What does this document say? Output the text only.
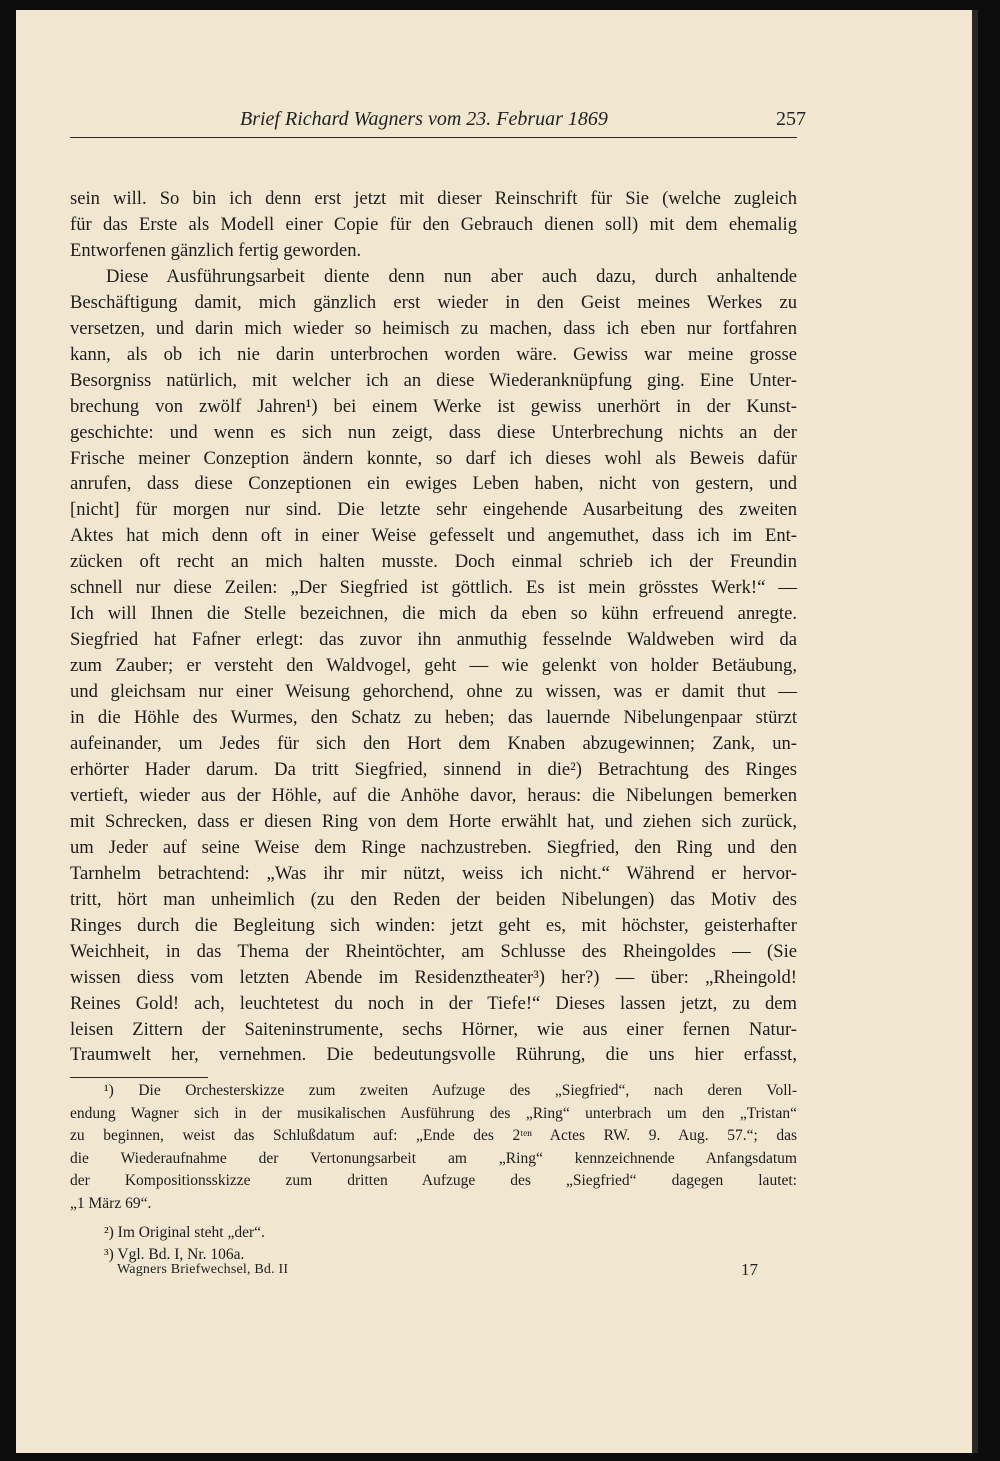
Brief Richard Wagners vom 23. Februar 1869	257
sein will. So bin ich denn erst jetzt mit dieser Reinschrift für Sie (welche zugleich
für das Erste als Modell einer Copie für den Gebrauch dienen soll) mit dem ehemalig
Entworfenen gänzlich fertig geworden.
Diese Ausführungsarbeit diente denn nun aber auch dazu, durch anhaltende
Beschäftigung damit, mich gänzlich erst wieder in den Geist meines Werkes zu
versetzen, und darin mich wieder so heimisch zu machen, dass ich eben nur fortfahren
kann, als ob ich nie darin unterbrochen worden wäre. Gewiss war meine grosse
Besorgniss natürlich, mit welcher ich an diese Wiederanknüpfung ging. Eine Unter-
brechung von zwölf Jahren¹) bei einem Werke ist gewiss unerhört in der Kunst-
geschichte: und wenn es sich nun zeigt, dass diese Unterbrechung nichts an der
Frische meiner Conzeption ändern konnte, so darf ich dieses wohl als Beweis dafür
anrufen, dass diese Conzeptionen ein ewiges Leben haben, nicht von gestern, und
[nicht] für morgen nur sind. Die letzte sehr eingehende Ausarbeitung des zweiten
Aktes hat mich denn oft in einer Weise gefesselt und angemuthet, dass ich im Ent-
zücken oft recht an mich halten musste. Doch einmal schrieb ich der Freundin
schnell nur diese Zeilen: „Der Siegfried ist göttlich. Es ist mein grösstes Werk!“ —
Ich will Ihnen die Stelle bezeichnen, die mich da eben so kühn erfreuend anregte.
Siegfried hat Fafner erlegt: das zuvor ihn anmuthig fesselnde Waldweben wird da
zum Zauber; er versteht den Waldvogel, geht — wie gelenkt von holder Betäubung,
und gleichsam nur einer Weisung gehorchend, ohne zu wissen, was er damit thut —
in die Höhle des Wurmes, den Schatz zu heben; das lauernde Nibelungenpaar stürzt
aufeinander, um Jedes für sich den Hort dem Knaben abzugewinnen; Zank, un-
erhörter Hader darum. Da tritt Siegfried, sinnend in die²) Betrachtung des Ringes
vertieft, wieder aus der Höhle, auf die Anhöhe davor, heraus: die Nibelungen bemerken
mit Schrecken, dass er diesen Ring von dem Horte erwählt hat, und ziehen sich zurück,
um Jeder auf seine Weise dem Ringe nachzustreben. Siegfried, den Ring und den
Tarnhelm betrachtend: „Was ihr mir nützt, weiss ich nicht.“ Während er hervor-
tritt, hört man unheimlich (zu den Reden der beiden Nibelungen) das Motiv des
Ringes durch die Begleitung sich winden: jetzt geht es, mit höchster, geisterhafter
Weichheit, in das Thema der Rheintöchter, am Schlusse des Rheingoldes — (Sie
wissen diess vom letzten Abende im Residenztheater³) her?) — über: „Rheingold!
Reines Gold! ach, leuchtetest du noch in der Tiefe!“ Dieses lassen jetzt, zu dem
leisen Zittern der Saiteninstrumente, sechs Hörner, wie aus einer fernen Natur-
Traumwelt her, vernehmen. Die bedeutungsvolle Rührung, die uns hier erfasst,
¹) Die Orchesterskizze zum zweiten Aufzuge des „Siegfried“, nach deren Voll-
endung Wagner sich in der musikalischen Ausführung des „Ring“ unterbrach um den „Tristan“
zu beginnen, weist das Schlußdatum auf: „Ende des 2ᵗᵉⁿ Actes RW. 9. Aug. 57.“; das
die Wiederaufnahme der Vertonungsarbeit am „Ring“ kennzeichnende Anfangsdatum
der Kompositionsskizze zum dritten Aufzuge des „Siegfried“ dagegen lautet:
„1 März 69“.
²) Im Original steht „der“.
³) Vgl. Bd. I, Nr. 106a.
Wagners Briefwechsel, Bd. II	17
